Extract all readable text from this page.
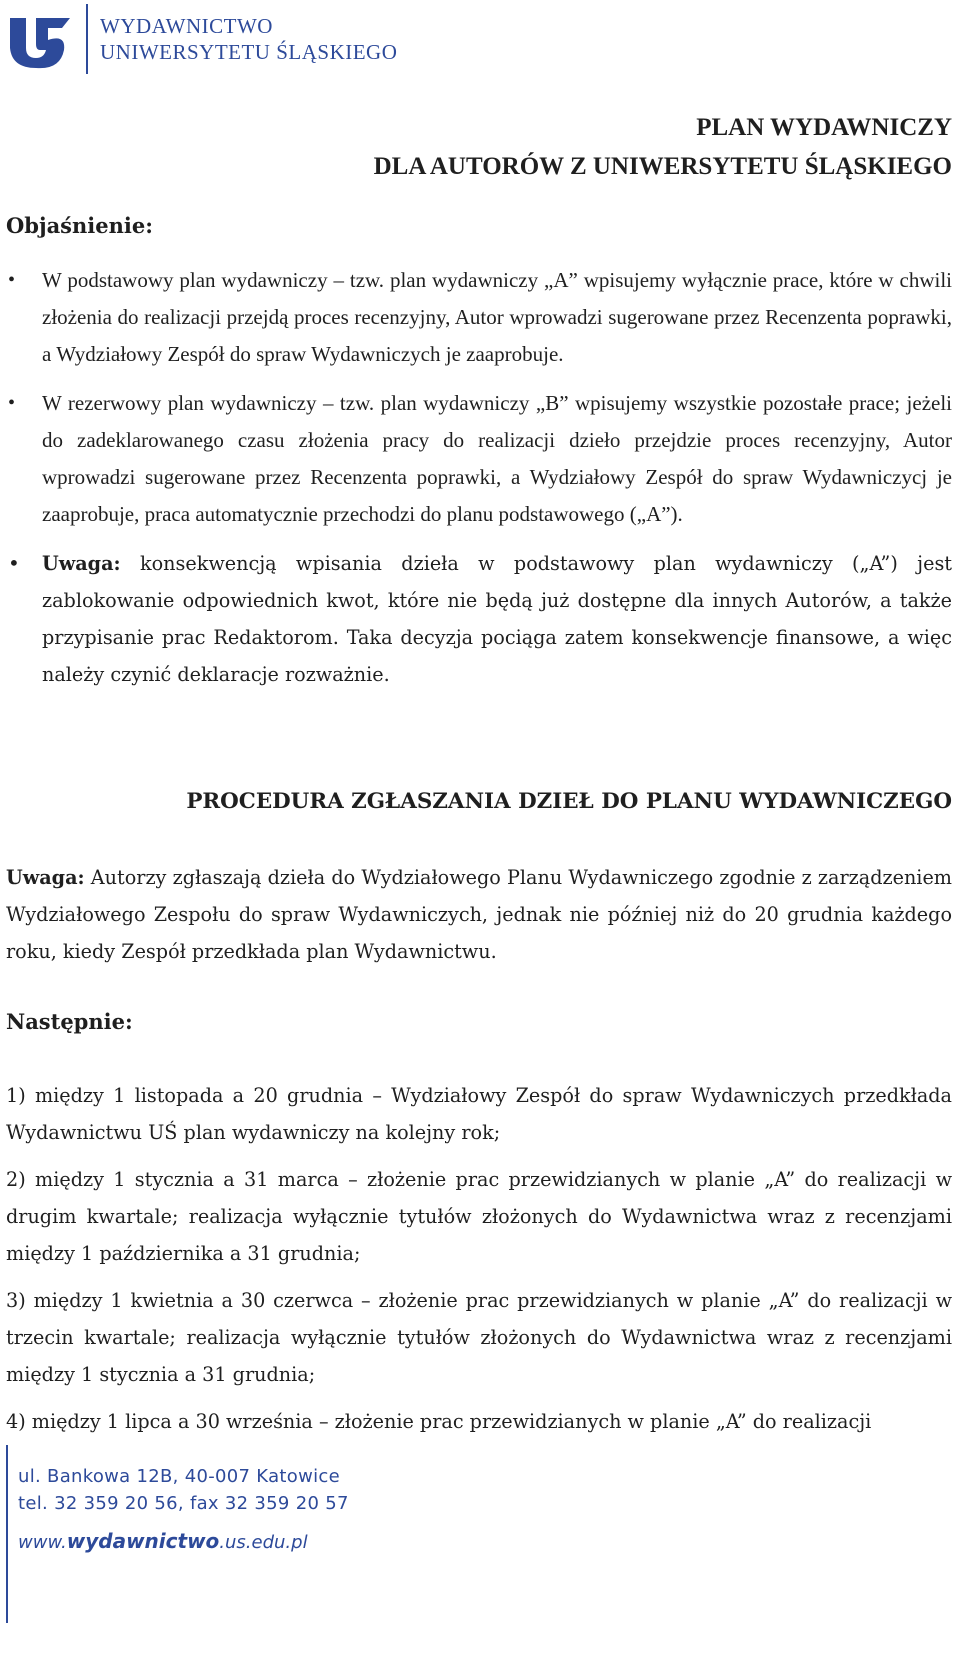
WYDAWNICTWO
UNIWERSYTETU ŚLĄSKIEGO
PLAN WYDAWNICZY
DLA AUTORÓW Z UNIWERSYTETU ŚLĄSKIEGO
Objaśnienie:
• W podstawowy plan wydawniczy – tzw. plan wydawniczy „A” wpisujemy wyłącznie prace, które w chwili złożenia do realizacji przejdą proces recenzyjny, Autor wprowadzi sugerowane przez Recenzenta poprawki, a Wydziałowy Zespół do spraw Wydawniczych je zaaprobuje.
• W rezerwowy plan wydawniczy – tzw. plan wydawniczy „B” wpisujemy wszystkie pozostałe prace; jeżeli do zadeklarowanego czasu złożenia pracy do realizacji dzieło przejdzie proces recenzyjny, Autor wprowadzi sugerowane przez Recenzenta poprawki, a Wydziałowy Zespół do spraw Wydawniczycj je zaaprobuje, praca automatycznie przechodzi do planu podstawowego („A”).
• Uwaga: konsekwencją wpisania dzieła w podstawowy plan wydawniczy („A”) jest zablokowanie odpowiednich kwot, które nie będą już dostępne dla innych Autorów, a także przypisanie prac Redaktorom. Taka decyzja pociąga zatem konsekwencje finansowe, a więc należy czynić deklaracje rozważnie.
PROCEDURA ZGŁASZANIA DZIEŁ DO PLANU WYDAWNICZEGO

Uwaga: Autorzy zgłaszają dzieła do Wydziałowego Planu Wydawniczego zgodnie z zarządzeniem Wydziałowego Zespołu do spraw Wydawniczych, jednak nie później niż do 20 grudnia każdego roku, kiedy Zespół przedkłada plan Wydawnictwu.

Następnie:
1) między 1 listopada a 20 grudnia – Wydziałowy Zespół do spraw Wydawniczych przedkłada Wydawnictwu UŚ plan wydawniczy na kolejny rok;
2) między 1 stycznia a 31 marca – złożenie prac przewidzianych w planie „A” do realizacji w drugim kwartale; realizacja wyłącznie tytułów złożonych do Wydawnictwa wraz z recenzjami między 1 października a 31 grudnia;
3) między 1 kwietnia a 30 czerwca – złożenie prac przewidzianych w planie „A” do realizacji w trzecin kwartale; realizacja wyłącznie tytułów złożonych do Wydawnictwa wraz z recenzjami między 1 stycznia a 31 grudnia;
4) między 1 lipca a 30 września – złożenie prac przewidzianych w planie „A” do realizacji
ul. Bankowa 12B, 40-007 Katowice
tel. 32 359 20 56, fax 32 359 20 57
www.wydawnictwo.us.edu.pl
